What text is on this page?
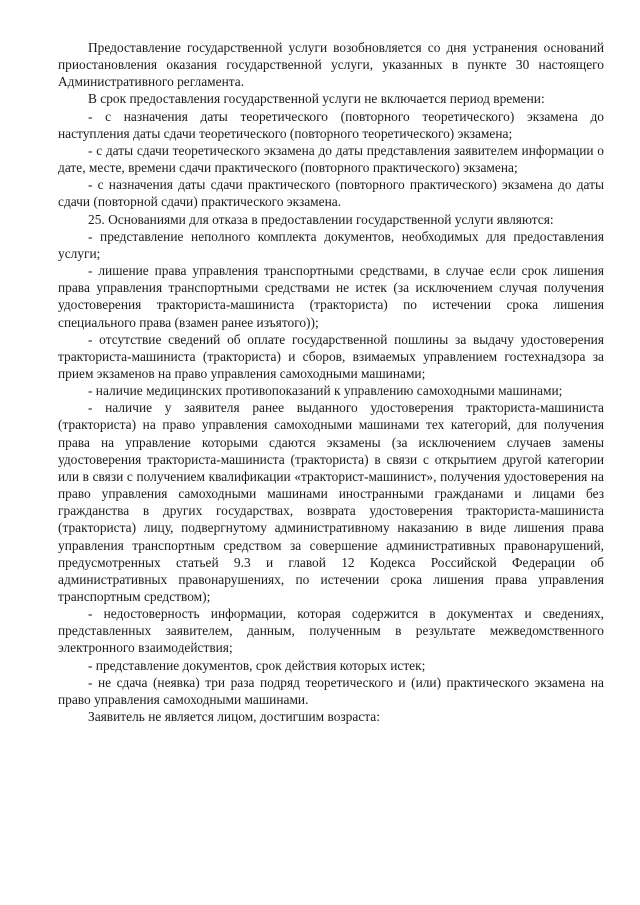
Предоставление государственной услуги возобновляется со дня устранения оснований приостановления оказания государственной услуги, указанных в пункте 30 настоящего Административного регламента.

В срок предоставления государственной услуги не включается период времени:

- с назначения даты теоретического (повторного теоретического) экзамена до наступления даты сдачи теоретического (повторного теоретического) экзамена;

- с даты сдачи теоретического экзамена до даты представления заявителем информации о дате, месте, времени сдачи практического (повторного практического) экзамена;

- с назначения даты сдачи практического (повторного практического) экзамена до даты сдачи (повторной сдачи) практического экзамена.

25. Основаниями для отказа в предоставлении государственной услуги являются:

- представление неполного комплекта документов, необходимых для предоставления услуги;

- лишение права управления транспортными средствами, в случае если срок лишения права управления транспортными средствами не истек (за исключением случая получения удостоверения тракториста-машиниста (тракториста) по истечении срока лишения специального права (взамен ранее изъятого));

- отсутствие сведений об оплате государственной пошлины за выдачу удостоверения тракториста-машиниста (тракториста) и сборов, взимаемых управлением гостехнадзора за прием экзаменов на право управления самоходными машинами;

- наличие медицинских противопоказаний к управлению самоходными машинами;

- наличие у заявителя ранее выданного удостоверения тракториста-машиниста (тракториста) на право управления самоходными машинами тех категорий, для получения права на управление которыми сдаются экзамены (за исключением случаев замены удостоверения тракториста-машиниста (тракториста) в связи с открытием другой категории или в связи с получением квалификации «тракторист-машинист», получения удостоверения на право управления самоходными машинами иностранными гражданами и лицами без гражданства в других государствах, возврата удостоверения тракториста-машиниста (тракториста) лицу, подвергнутому административному наказанию в виде лишения права управления транспортным средством за совершение административных правонарушений, предусмотренных статьей 9.3 и главой 12 Кодекса Российской Федерации об административных правонарушениях, по истечении срока лишения права управления транспортным средством);

- недостоверность информации, которая содержится в документах и сведениях, представленных заявителем, данным, полученным в результате межведомственного электронного взаимодействия;

- представление документов, срок действия которых истек;

- не сдача (неявка) три раза подряд теоретического и (или) практического экзамена на право управления самоходными машинами.

Заявитель не является лицом, достигшим возраста:
